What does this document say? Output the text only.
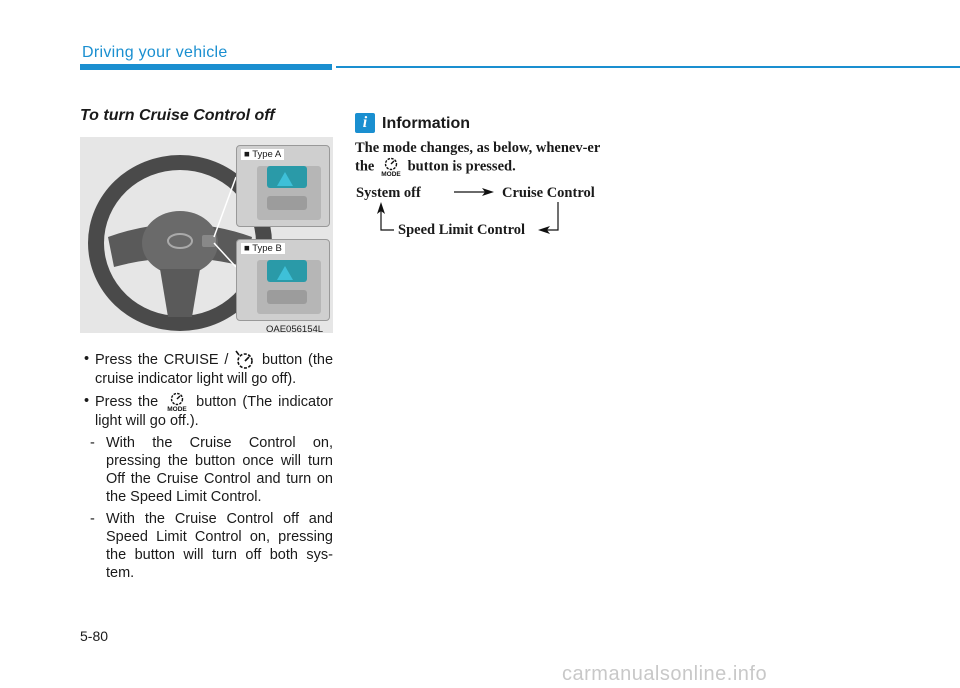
Driving your vehicle
To turn Cruise Control off
■ Type A
■ Type B
OAE056154L
• Press the CRUISE / button (the cruise indicator light will go off).
• Press the MODE button (The indicator light will go off.).
- With the Cruise Control on, pressing the button once will turn Off the Cruise Control and turn on the Speed Limit Control.
- With the Cruise Control off and Speed Limit Control on, pressing the button will turn off both sys-tem.
i Information
The mode changes, as below, whenev-er the
MODE
button is pressed.
System off	Cruise Control
Speed Limit Control
5-80
carmanualsonline.info
